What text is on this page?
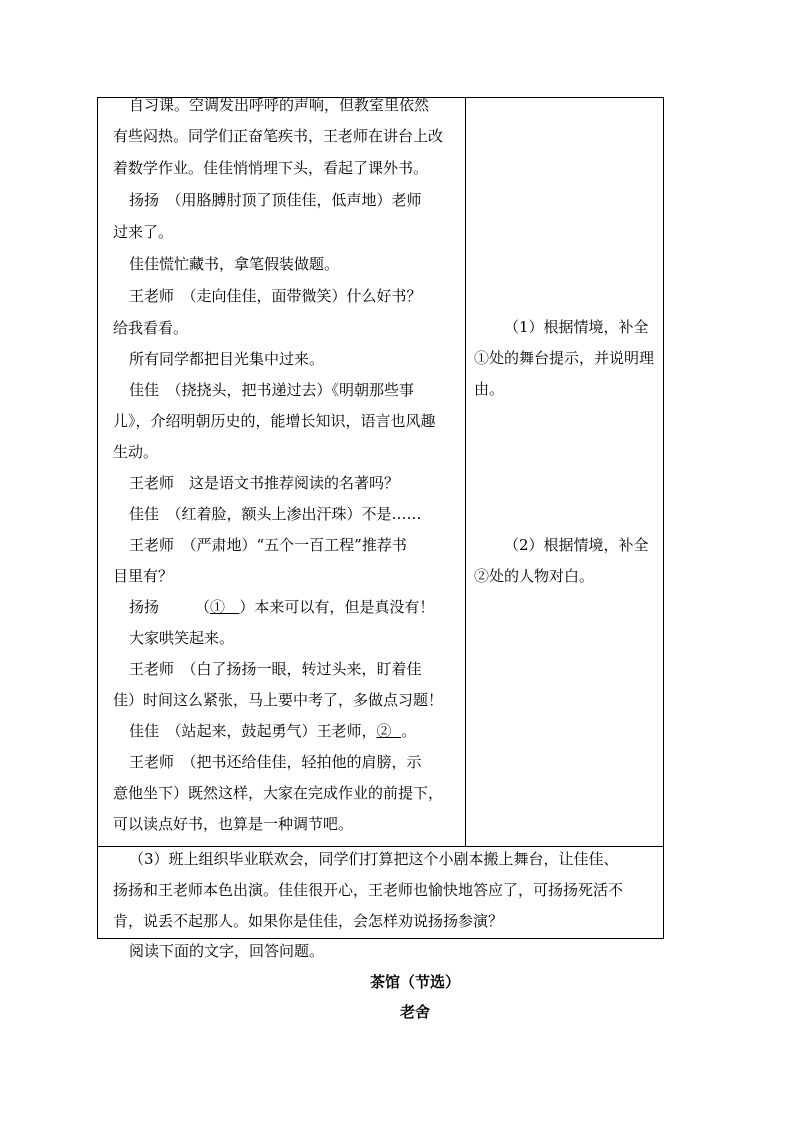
自习课。空调发出呼呼的声响，但教室里依然
有些闷热。同学们正奋笔疾书，王老师在讲台上改
着数学作业。佳佳悄悄埋下头，看起了课外书。
扬扬　（用胳膊肘顶了顶佳佳，低声地）老师
过来了。
佳佳慌忙藏书，拿笔假装做题。
王老师　（走向佳佳，面带微笑）什么好书？
给我看看。
所有同学都把目光集中过来。
佳佳　（挠挠头，把书递过去）《明朝那些事
儿》，介绍明朝历史的，能增长知识，语言也风趣
生动。
王老师　这是语文书推荐阅读的名著吗？
佳佳　（红着脸，额头上渗出汗珠）不是……
王老师　（严肃地）“五个一百工程”推荐书
目里有？
扬扬 （① ）本来可以有，但是真没有！
大家哄笑起来。
王老师　（白了扬扬一眼，转过头来，盯着佳
佳）时间这么紧张，马上要中考了，多做点习题！
佳佳　（站起来，鼓起勇气）王老师，② 。
王老师　（把书还给佳佳，轻拍他的肩膀，示
意他坐下）既然这样，大家在完成作业的前提下，
可以读点好书，也算是一种调节吧。
（1）根据情境，补全
①处的舞台提示，并说明理
由。
（2）根据情境，补全
②处的人物对白。
（3）班上组织毕业联欢会，同学们打算把这个小剧本搬上舞台，让佳佳、
扬扬和王老师本色出演。佳佳很开心，王老师也愉快地答应了，可扬扬死活不
肯，说丢不起那人。如果你是佳佳，会怎样劝说扬扬参演？
阅读下面的文字，回答问题。
茶馆（节选）
老舍
